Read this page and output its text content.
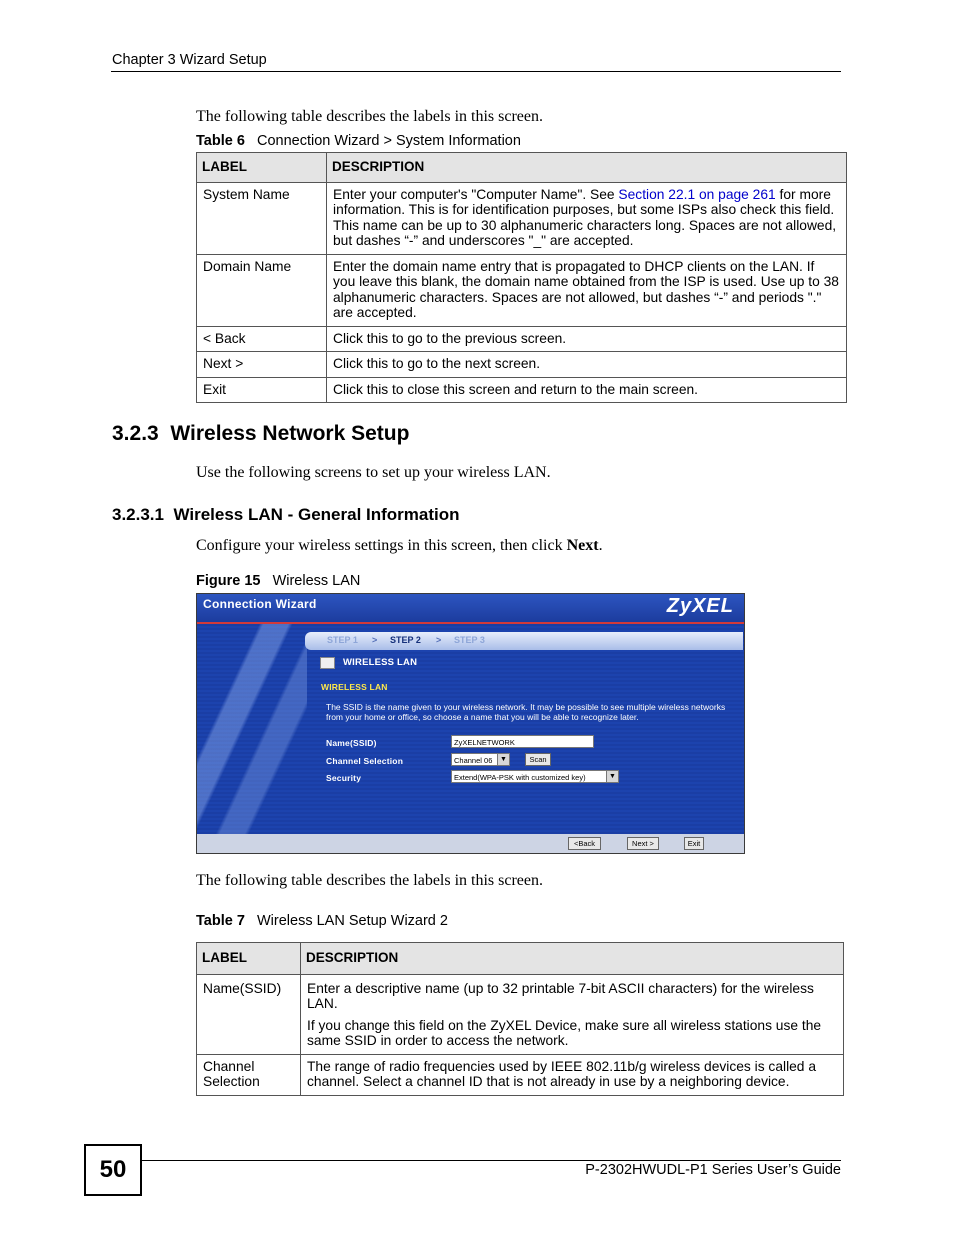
Chapter 3 Wizard Setup
The following table describes the labels in this screen.
Table 6 Connection Wizard > System Information
LABEL	DESCRIPTION
System Name	Enter your computer's "Computer Name". See Section 22.1 on page 261 for more information. This is for identification purposes, but some ISPs also check this field. This name can be up to 30 alphanumeric characters long. Spaces are not allowed, but dashes “-” and underscores "_" are accepted.
Domain Name	Enter the domain name entry that is propagated to DHCP clients on the LAN. If you leave this blank, the domain name obtained from the ISP is used. Use up to 38 alphanumeric characters. Spaces are not allowed, but dashes “-” and periods "." are accepted.
< Back	Click this to go to the previous screen.
Next >	Click this to go to the next screen.
Exit	Click this to close this screen and return to the main screen.
3.2.3 Wireless Network Setup
Use the following screens to set up your wireless LAN.
3.2.3.1 Wireless LAN - General Information
Configure your wireless settings in this screen, then click Next.
Figure 15 Wireless LAN
Connection Wizard	ZyXEL
STEP 1 > STEP 2 > STEP 3
WIRELESS LAN
WIRELESS LAN
The SSID is the name given to your wireless network. It may be possible to see multiple wireless networks from your home or office, so choose a name that you will be able to recognize later.
Name(SSID)	ZyXELNETWORK
Channel Selection	Channel 06	▼	Scan
Security	Extend(WPA-PSK with customized key)	▼
<Back	Next >	Exit
The following table describes the labels in this screen.
Table 7 Wireless LAN Setup Wizard 2
LABEL	DESCRIPTION
Name(SSID)	Enter a descriptive name (up to 32 printable 7-bit ASCII characters) for the wireless LAN.
If you change this field on the ZyXEL Device, make sure all wireless stations use the same SSID in order to access the network.

Channel Selection	The range of radio frequencies used by IEEE 802.11b/g wireless devices is called a channel. Select a channel ID that is not already in use by a neighboring device.
50	P-2302HWUDL-P1 Series User’s Guide
